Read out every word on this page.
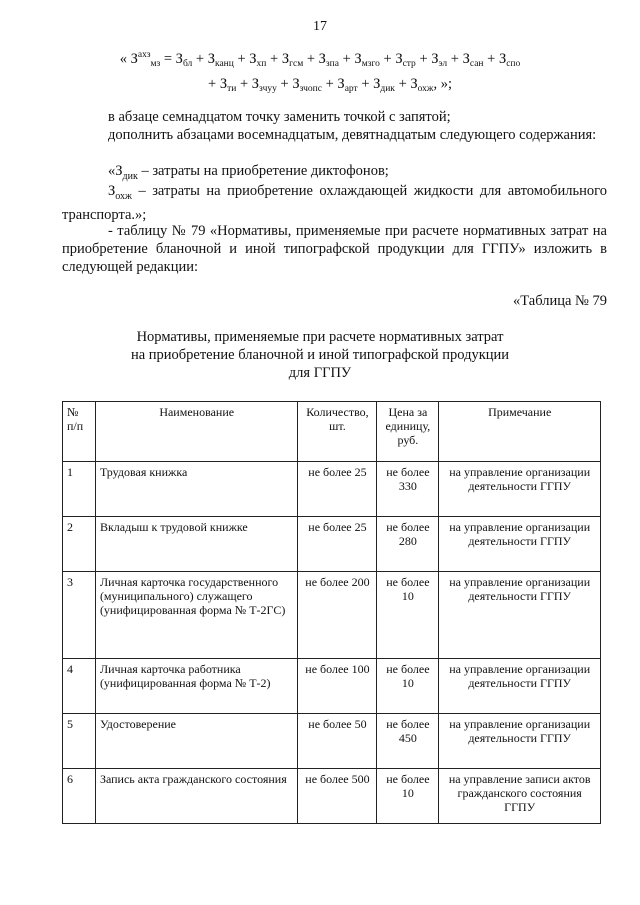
17
« $З^{ахз}_{мз} = З_{бл} + З_{канц} + З_{хп} + З_{гсм} + З_{зпа} + З_{мзго} + З_{стр} + З_{эл} + З_{сан} + З_{спо}$
+ $З_{ти} + З_{зчуу} + З_{зчопс} + З_{арт} + З_{дик} + З_{охж}$, »;
в абзаце семнадцатом точку заменить точкой с запятой;
дополнить абзацами восемнадцатым, девятнадцатым следующего содержания:
«$З_{дик}$ – затраты на приобретение диктофонов;
$З_{охж}$ – затраты на приобретение охлаждающей жидкости для автомобильного транспорта.»;
- таблицу № 79 «Нормативы, применяемые при расчете нормативных затрат на приобретение бланочной и иной типографской продукции для ГГПУ» изложить в следующей редакции:
«Таблица № 79
Нормативы, применяемые при расчете нормативных затрат
на приобретение бланочной и иной типографской продукции
для ГГПУ
№ п/п	Наименование	Количество, шт.	Цена за единицу, руб.	Примечание
1	Трудовая книжка	не более 25	не более 330	на управление организации деятельности ГГПУ
2	Вкладыш к трудовой книжке	не более 25	не более 280	на управление организации деятельности ГГПУ
3	Личная карточка государственного (муниципального) служащего (унифицированная форма № Т-2ГС)	не более 200	не более 10	на управление организации деятельности ГГПУ
4	Личная карточка работника (унифицированная форма № Т-2)	не более 100	не более 10	на управление организации деятельности ГГПУ
5	Удостоверение	не более 50	не более 450	на управление организации деятельности ГГПУ
6	Запись акта гражданского состояния	не более 500	не более 10	на управление записи актов гражданского состояния ГГПУ
